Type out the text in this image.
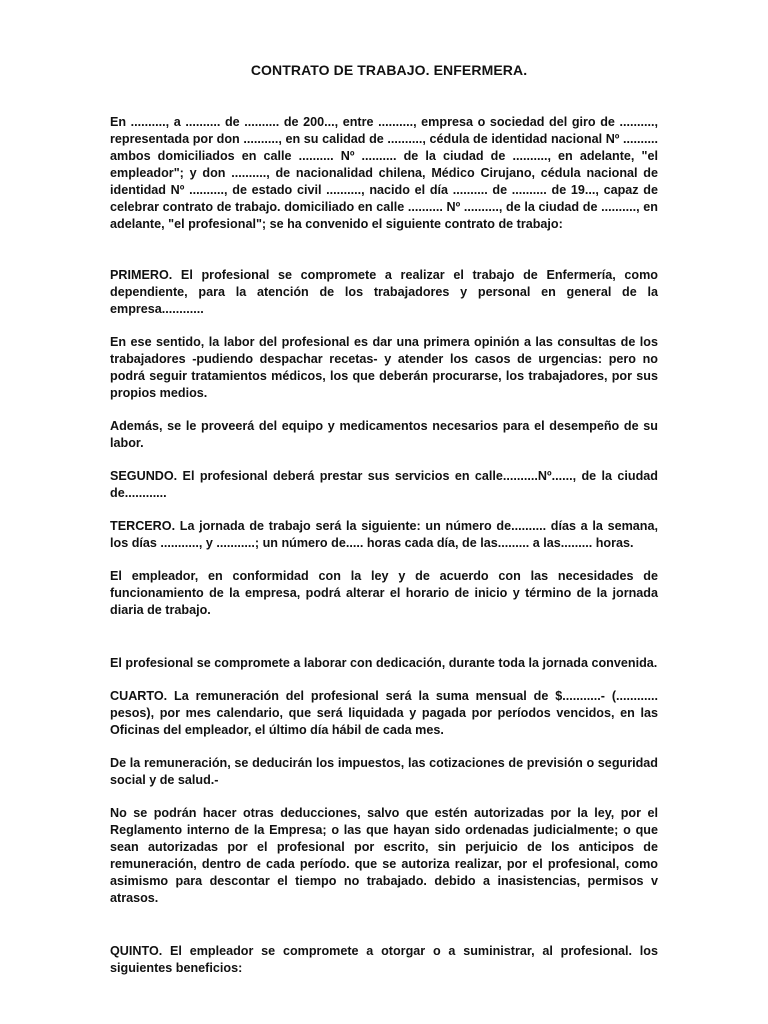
CONTRATO DE TRABAJO. ENFERMERA.

En .........., a .......... de .......... de 200..., entre .........., empresa o sociedad del giro de .........., representada por don .........., en su calidad de .........., cédula de identidad nacional Nº .......... ambos domiciliados en calle .......... Nº .......... de la ciudad de .........., en adelante, "el empleador"; y don .........., de nacionalidad chilena, Médico Cirujano, cédula nacional de identidad Nº .........., de estado civil .........., nacido el día .......... de .......... de 19..., capaz de celebrar contrato de trabajo. domiciliado en calle .......... Nº .........., de la ciudad de .........., en adelante, "el profesional"; se ha convenido el siguiente contrato de trabajo:

PRIMERO. El profesional se compromete a realizar el trabajo de Enfermería, como dependiente, para la atención de los trabajadores y personal en general de la empresa............

En ese sentido, la labor del profesional es dar una primera opinión a las consultas de los trabajadores -pudiendo despachar recetas- y atender los casos de urgencias: pero no podrá seguir tratamientos médicos, los que deberán procurarse, los trabajadores, por sus propios medios.

Además, se le proveerá del equipo y medicamentos necesarios para el desempeño de su labor.

SEGUNDO. El profesional deberá prestar sus servicios en calle..........Nº......, de la ciudad de............

TERCERO. La jornada de trabajo será la siguiente: un número de.......... días a la semana, los días ..........., y ...........; un número de..... horas cada día, de las......... a las......... horas.

El empleador, en conformidad con la ley y de acuerdo con las necesidades de funcionamiento de la empresa, podrá alterar el horario de inicio y término de la jornada diaria de trabajo.

El profesional se compromete a laborar con dedicación, durante toda la jornada convenida.

CUARTO. La remuneración del profesional será la suma mensual de $...........- (............ pesos), por mes calendario, que será liquidada y pagada por períodos vencidos, en las Oficinas del empleador, el último día hábil de cada mes.

De la remuneración, se deducirán los impuestos, las cotizaciones de previsión o seguridad social y de salud.-

No se podrán hacer otras deducciones, salvo que estén autorizadas por la ley, por el Reglamento interno de la Empresa; o las que hayan sido ordenadas judicialmente; o que sean autorizadas por el profesional por escrito, sin perjuicio de los anticipos de remuneración, dentro de cada período. que se autoriza realizar, por el profesional, como asimismo para descontar el tiempo no trabajado. debido a inasistencias, permisos v atrasos.

QUINTO. El empleador se compromete a otorgar o a suministrar, al profesional. los siguientes beneficios:
